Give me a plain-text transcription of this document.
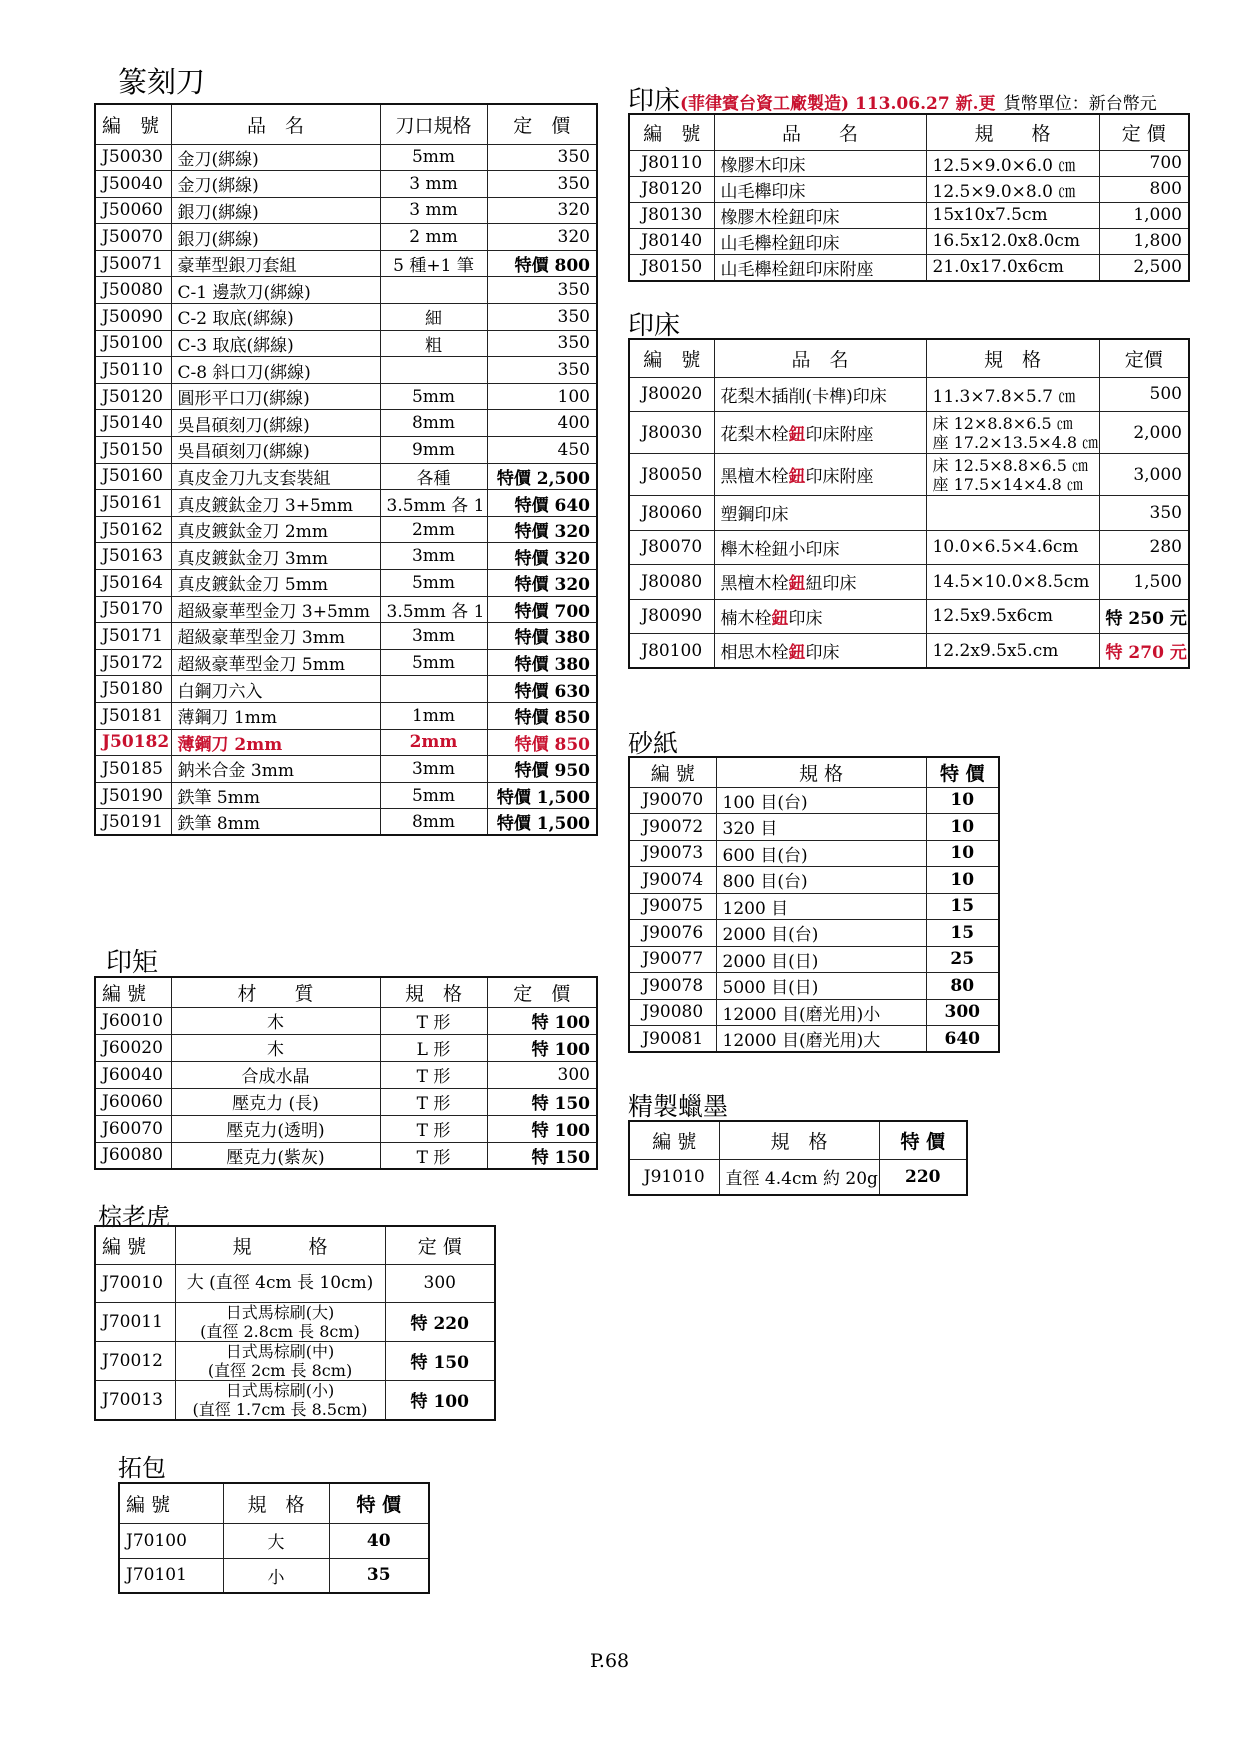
篆刻刀
印矩
棕老虎
拓包
印床(菲律賓台資工廠製造) 113.06.27 新.更 貨幣單位：新台幣元
印床
砂紙
精製蠟墨
編　號	品　名	刀口規格	定　價
J50030	金刀(綁線)	5mm	350
J50040	金刀(綁線)	3 mm	350
J50060	銀刀(綁線)	3 mm	320
J50070	銀刀(綁線)	2 mm	320
J50071	豪華型銀刀套組	5 種+1 筆	特價 800
J50080	C-1 邊款刀(綁線)		350
J50090	C-2 取底(綁線)	細	350
J50100	C-3 取底(綁線)	粗	350
J50110	C-8 斜口刀(綁線)		350
J50120	圓形平口刀(綁線)	5mm	100
J50140	吳昌碩刻刀(綁線)	8mm	400
J50150	吳昌碩刻刀(綁線)	9mm	450
J50160	真皮金刀九支套裝組	各種	特價 2,500
J50161	真皮鍍鈦金刀 3+5mm	3.5mm 各 1	特價 640
J50162	真皮鍍鈦金刀 2mm	2mm	特價 320
J50163	真皮鍍鈦金刀 3mm	3mm	特價 320
J50164	真皮鍍鈦金刀 5mm	5mm	特價 320
J50170	超級豪華型金刀 3+5mm	3.5mm 各 1	特價 700
J50171	超級豪華型金刀 3mm	3mm	特價 380
J50172	超級豪華型金刀 5mm	5mm	特價 380
J50180	白鋼刀六入		特價 630
J50181	薄鋼刀 1mm	1mm	特價 850
J50182	薄鋼刀 2mm	2mm	特價 850
J50185	鈉米合金 3mm	3mm	特價 950
J50190	鉄筆 5mm	5mm	特價 1,500
J50191	鉄筆 8mm	8mm	特價 1,500
編 號	材　　質	規　格	定　價
J60010	木	T 形	特 100
J60020	木	L 形	特 100
J60040	合成水晶	T 形	300
J60060	壓克力 (長)	T 形	特 150
J60070	壓克力(透明)	T 形	特 100
J60080	壓克力(紫灰)	T 形	特 150
編 號	規　　　格	定 價
J70010	大 (直徑 4cm 長 10cm)	300
J70011	日式馬棕刷(大)
(直徑 2.8cm 長 8cm)	特 220
J70012	日式馬棕刷(中)
(直徑 2cm 長 8cm)	特 150
J70013	日式馬棕刷(小)
(直徑 1.7cm 長 8.5cm)	特 100
編 號	規　格	特 價
J70100	大	40
J70101	小	35
編　號	品　　名	規　　格	定 價
J80110	橡膠木印床	12.5×9.0×6.0 ㎝	700
J80120	山毛櫸印床	12.5×9.0×8.0 ㎝	800
J80130	橡膠木栓鈕印床	15x10x7.5cm	1,000
J80140	山毛櫸栓鈕印床	16.5x12.0x8.0cm	1,800
J80150	山毛櫸栓鈕印床附座	21.0x17.0x6cm	2,500
編　號	品　名	規　格	定價
J80020	花梨木插削(卡榫)印床	11.3×7.8×5.7 ㎝	500
J80030	花梨木栓鈕印床附座	床 12×8.8×6.5 ㎝
座 17.2×13.5×4.8 ㎝	2,000
J80050	黑檀木栓鈕印床附座	床 12.5×8.8×6.5 ㎝
座 17.5×14×4.8 ㎝	3,000
J80060	塑鋼印床		350
J80070	櫸木栓鈕小印床	10.0×6.5×4.6cm	280
J80080	黑檀木栓鈕紐印床	14.5×10.0×8.5cm	1,500
J80090	楠木栓鈕印床	12.5x9.5x6cm	特 250 元
J80100	相思木栓鈕印床	12.2x9.5x5.cm	特 270 元
編 號	規 格	特 價
J90070	100 目(台)	10
J90072	320 目	10
J90073	600 目(台)	10
J90074	800 目(台)	10
J90075	1200 目	15
J90076	2000 目(台)	15
J90077	2000 目(日)	25
J90078	5000 目(日)	80
J90080	12000 目(磨光用)小	300
J90081	12000 目(磨光用)大	640
編 號	規　格	特 價
J91010	直徑 4.4cm 約 20g	220
P.68
